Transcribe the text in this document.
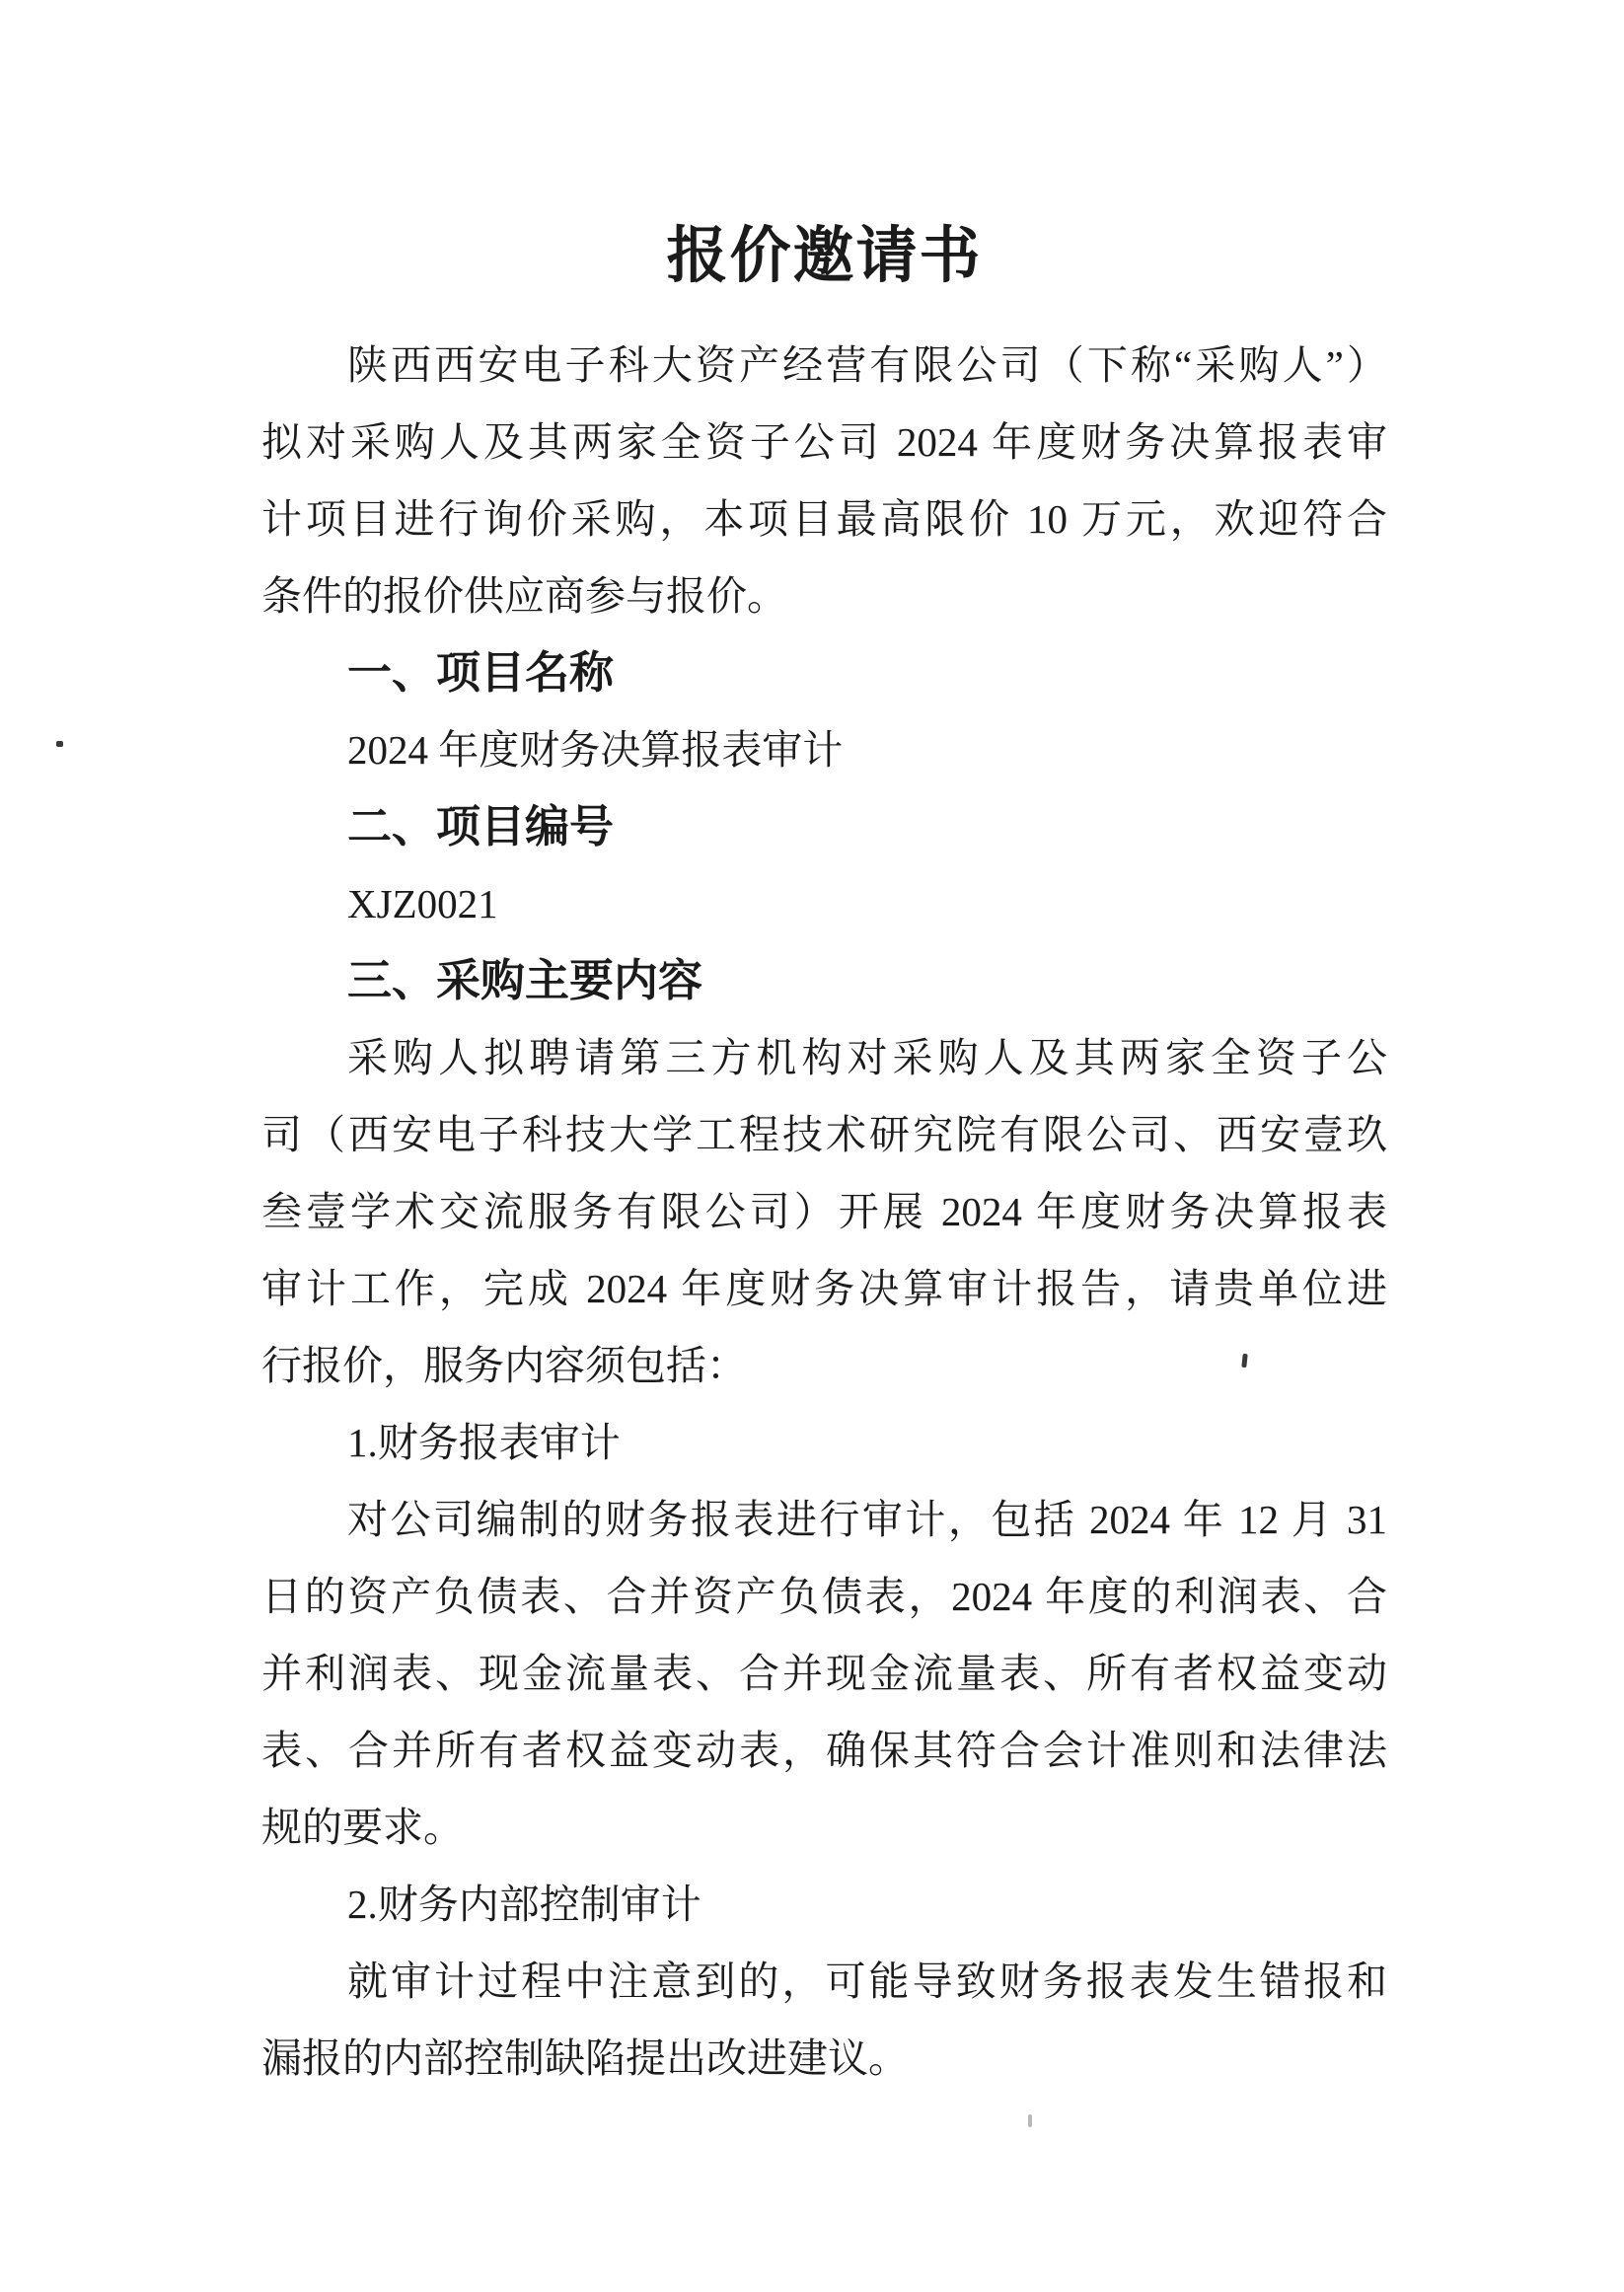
报价邀请书
陕西西安电子科大资产经营有限公司（下称“采购人”）
拟对采购人及其两家全资子公司 2024 年度财务决算报表审
计项目进行询价采购，本项目最高限价 10 万元，欢迎符合
条件的报价供应商参与报价。
一、项目名称
2024 年度财务决算报表审计
二、项目编号
XJZ0021
三、采购主要内容
采购人拟聘请第三方机构对采购人及其两家全资子公
司（西安电子科技大学工程技术研究院有限公司、西安壹玖
叁壹学术交流服务有限公司）开展 2024 年度财务决算报表
审计工作，完成 2024 年度财务决算审计报告，请贵单位进
行报价，服务内容须包括：
1.财务报表审计
对公司编制的财务报表进行审计，包括 2024 年 12 月 31
日的资产负债表、合并资产负债表，2024 年度的利润表、合
并利润表、现金流量表、合并现金流量表、所有者权益变动
表、合并所有者权益变动表，确保其符合会计准则和法律法
规的要求。
2.财务内部控制审计
就审计过程中注意到的，可能导致财务报表发生错报和
漏报的内部控制缺陷提出改进建议。
